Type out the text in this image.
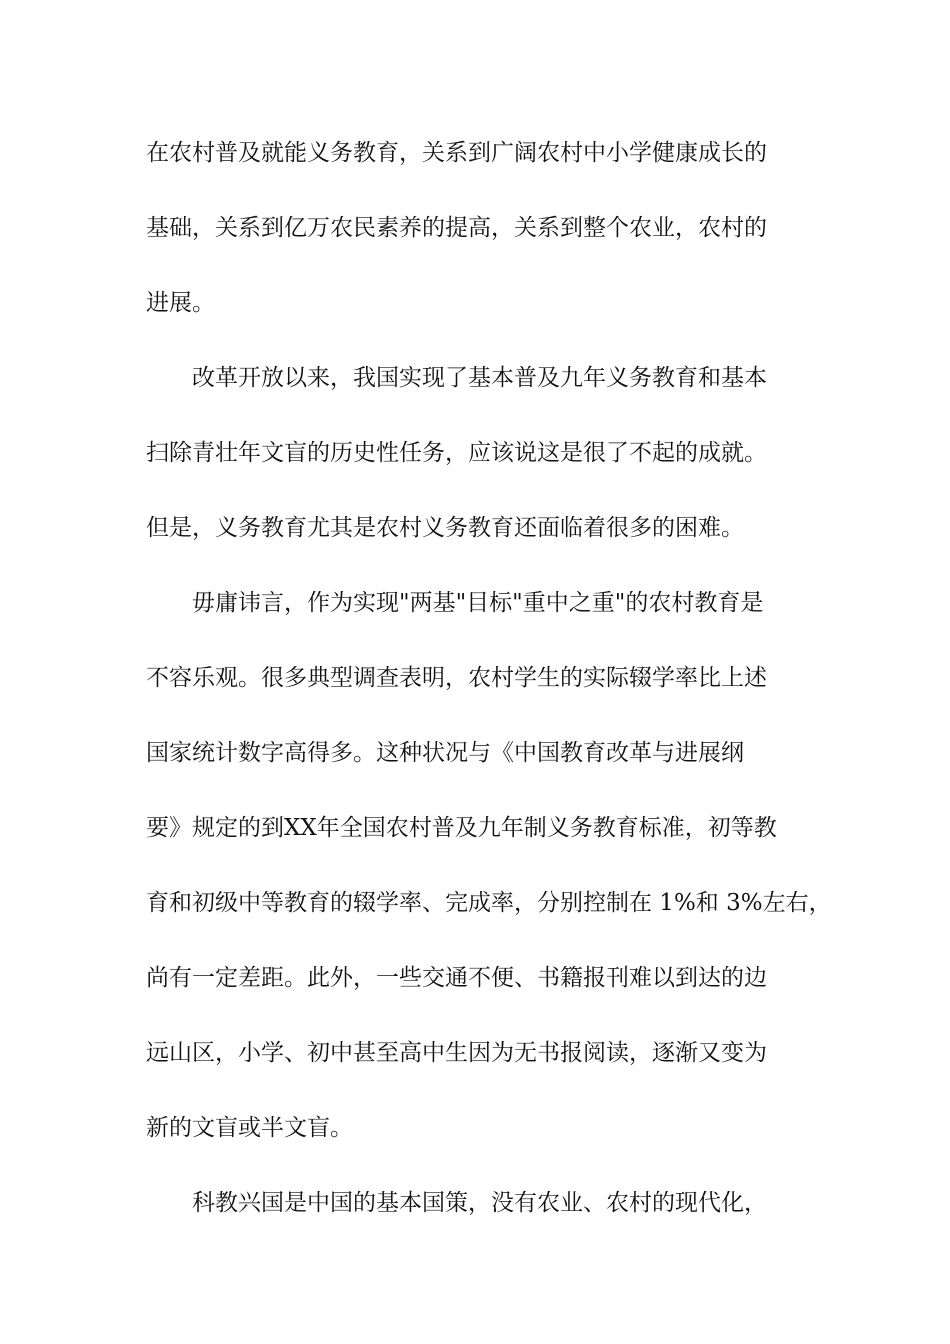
在农村普及就能义务教育，关系到广阔农村中小学健康成长的
基础，关系到亿万农民素养的提高，关系到整个农业，农村的
进展。
改革开放以来，我国实现了基本普及九年义务教育和基本
扫除青壮年文盲的历史性任务，应该说这是很了不起的成就。
但是，义务教育尤其是农村义务教育还面临着很多的困难。
毋庸讳言，作为实现"两基"目标"重中之重"的农村教育是
不容乐观。很多典型调查表明，农村学生的实际辍学率比上述
国家统计数字高得多。这种状况与《中国教育改革与进展纲
要》规定的到XX年全国农村普及九年制义务教育标准，初等教
育和初级中等教育的辍学率、完成率，分别控制在 1%和 3%左右，
尚有一定差距。此外，一些交通不便、书籍报刊难以到达的边
远山区，小学、初中甚至高中生因为无书报阅读，逐渐又变为
新的文盲或半文盲。
科教兴国是中国的基本国策，没有农业、农村的现代化，
